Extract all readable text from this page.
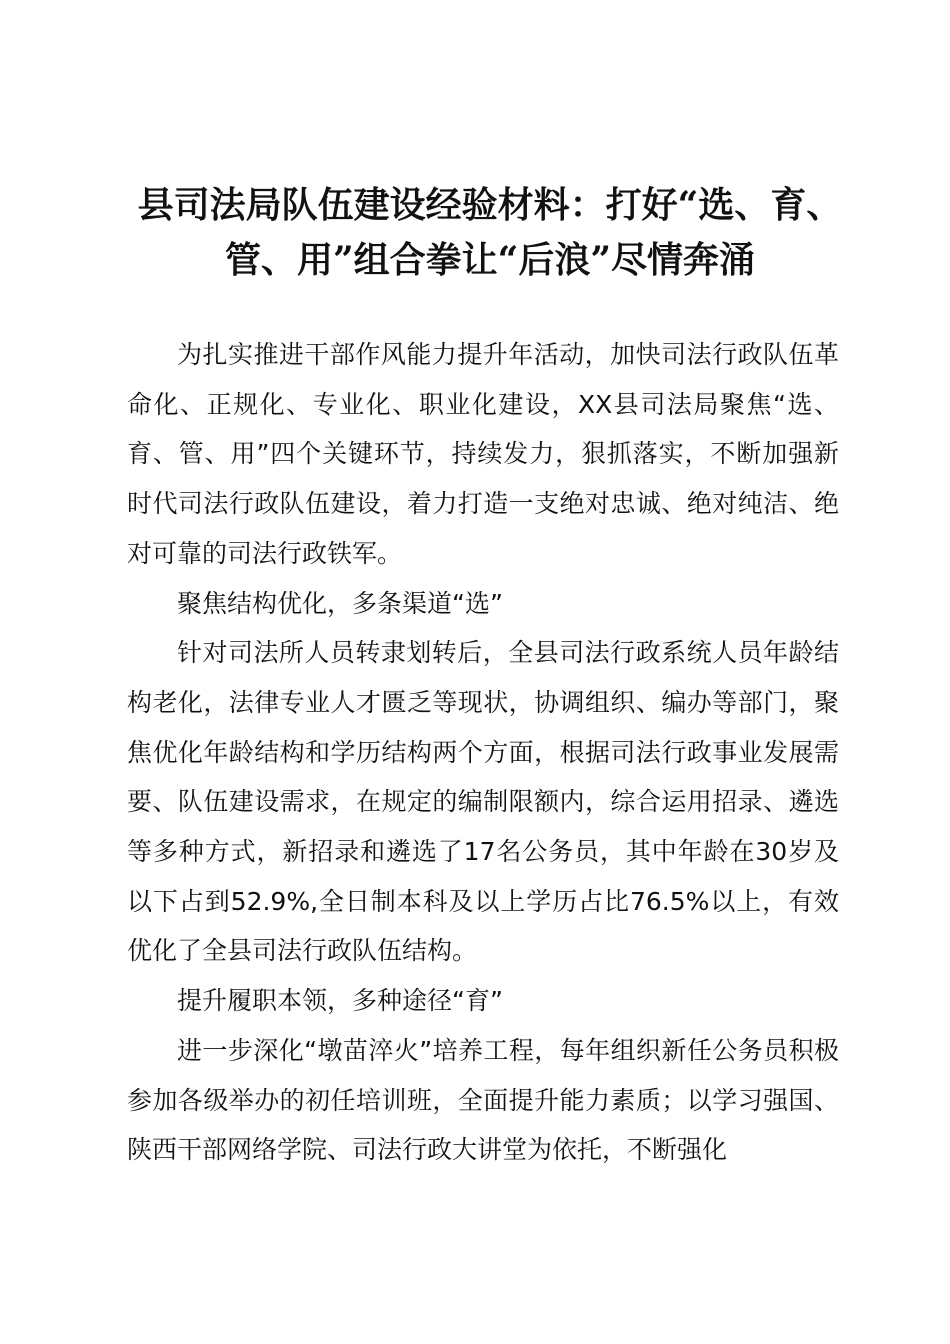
县司法局队伍建设经验材料：打好“选、育、管、用”组合拳让“后浪”尽情奔涌

为扎实推进干部作风能力提升年活动，加快司法行政队伍革命化、正规化、专业化、职业化建设，XX县司法局聚焦“选、育、管、用”四个关键环节，持续发力，狠抓落实，不断加强新时代司法行政队伍建设，着力打造一支绝对忠诚、绝对纯洁、绝对可靠的司法行政铁军。

聚焦结构优化，多条渠道“选”

针对司法所人员转隶划转后，全县司法行政系统人员年龄结构老化，法律专业人才匮乏等现状，协调组织、编办等部门，聚焦优化年龄结构和学历结构两个方面，根据司法行政事业发展需要、队伍建设需求，在规定的编制限额内，综合运用招录、遴选等多种方式，新招录和遴选了17名公务员，其中年龄在30岁及以下占到52.9%,全日制本科及以上学历占比76.5%以上，有效优化了全县司法行政队伍结构。

提升履职本领，多种途径“育”

进一步深化“墩苗淬火”培养工程，每年组织新任公务员积极参加各级举办的初任培训班，全面提升能力素质；以学习强国、陕西干部网络学院、司法行政大讲堂为依托，不断强化
